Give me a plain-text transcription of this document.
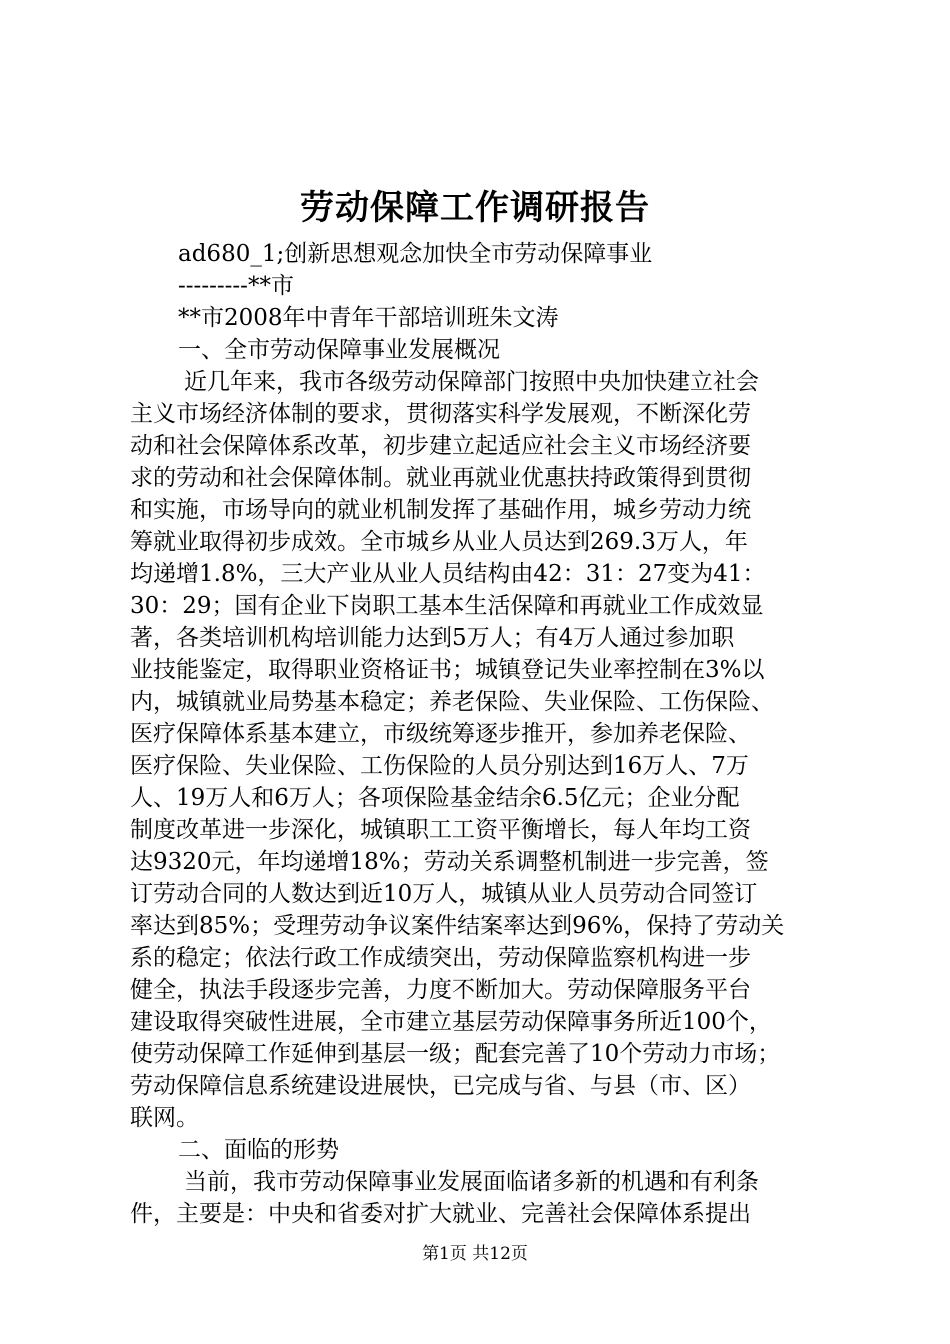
劳动保障工作调研报告
ad680_1;创新思想观念加快全市劳动保障事业
---------**市
**市2008年中青年干部培训班朱文涛
一、全市劳动保障事业发展概况
近几年来，我市各级劳动保障部门按照中央加快建立社会
主义市场经济体制的要求，贯彻落实科学发展观，不断深化劳
动和社会保障体系改革，初步建立起适应社会主义市场经济要
求的劳动和社会保障体制。就业再就业优惠扶持政策得到贯彻
和实施，市场导向的就业机制发挥了基础作用，城乡劳动力统
筹就业取得初步成效。全市城乡从业人员达到269.3万人，年
均递增1.8%，三大产业从业人员结构由42：31：27变为41：
30：29；国有企业下岗职工基本生活保障和再就业工作成效显
著，各类培训机构培训能力达到5万人；有4万人通过参加职
业技能鉴定，取得职业资格证书；城镇登记失业率控制在3%以
内，城镇就业局势基本稳定；养老保险、失业保险、工伤保险、
医疗保障体系基本建立，市级统筹逐步推开，参加养老保险、
医疗保险、失业保险、工伤保险的人员分别达到16万人、7万
人、19万人和6万人；各项保险基金结余6.5亿元；企业分配
制度改革进一步深化，城镇职工工资平衡增长，每人年均工资
达9320元，年均递增18%；劳动关系调整机制进一步完善，签
订劳动合同的人数达到近10万人，城镇从业人员劳动合同签订
率达到85%；受理劳动争议案件结案率达到96%，保持了劳动关
系的稳定；依法行政工作成绩突出，劳动保障监察机构进一步
健全，执法手段逐步完善，力度不断加大。劳动保障服务平台
建设取得突破性进展，全市建立基层劳动保障事务所近100个，
使劳动保障工作延伸到基层一级；配套完善了10个劳动力市场；
劳动保障信息系统建设进展快，已完成与省、与县（市、区）
联网。
二、面临的形势
当前，我市劳动保障事业发展面临诸多新的机遇和有利条
件，主要是：中央和省委对扩大就业、完善社会保障体系提出
第1页 共12页
